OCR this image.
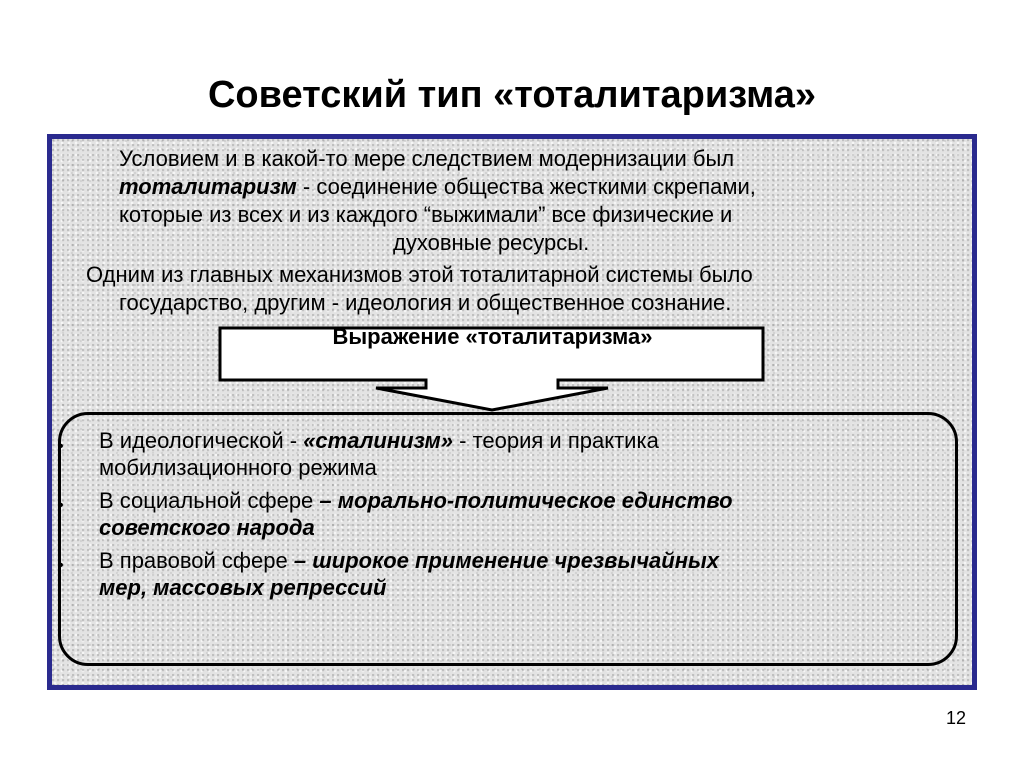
Советский тип «тоталитаризма»
Условием и в какой-то мере следствием модернизации был
тоталитаризм - соединение общества жесткими скрепами,
которые из всех и из каждого “выжимали” все физические и
духовные ресурсы.
Одним из главных механизмов этой тоталитарной системы было
государство, другим - идеология и общественное сознание.
Выражение «тоталитаризма»
• В идеологической - «сталинизм» - теория и практика
мобилизационного режима
• В социальной сфере – морально-политическое единство
советского народа
• В правовой сфере – широкое применение чрезвычайных
мер, массовых репрессий
12
